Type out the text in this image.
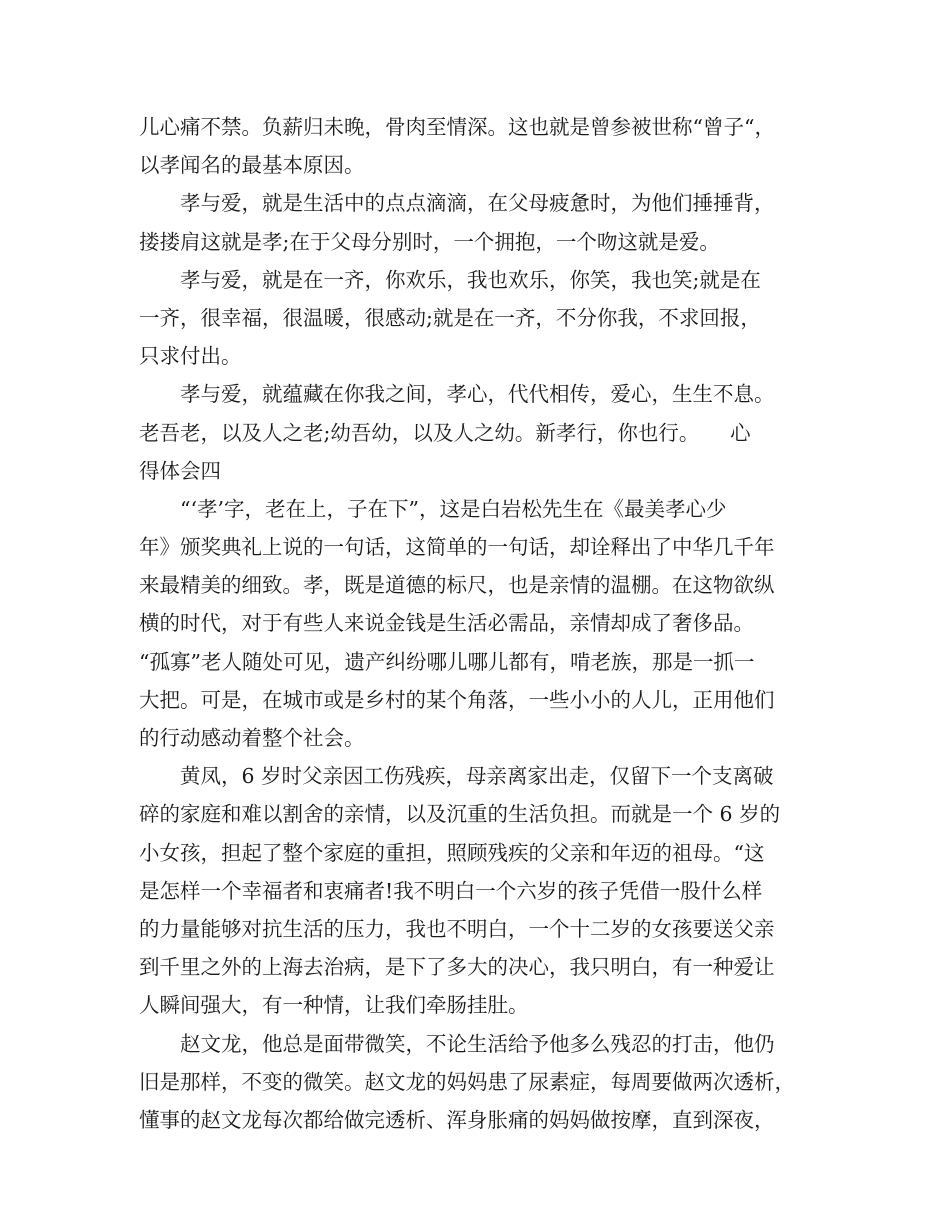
儿心痛不禁。负薪归未晚，骨肉至情深。这也就是曾参被世称“曾子“，
以孝闻名的最基本原因。
孝与爱，就是生活中的点点滴滴，在父母疲惫时，为他们捶捶背，
搂搂肩这就是孝;在于父母分别时，一个拥抱，一个吻这就是爱。
孝与爱，就是在一齐，你欢乐，我也欢乐，你笑，我也笑;就是在
一齐，很幸福，很温暖，很感动;就是在一齐，不分你我，不求回报，
只求付出。
孝与爱，就蕴藏在你我之间，孝心，代代相传，爱心，生生不息。
老吾老，以及人之老;幼吾幼，以及人之幼。新孝行，你也行。　　心
得体会四
“‘孝’字，老在上，子在下”，这是白岩松先生在《最美孝心少
年》颁奖典礼上说的一句话，这简单的一句话，却诠释出了中华几千年
来最精美的细致。孝，既是道德的标尺，也是亲情的温棚。在这物欲纵
横的时代，对于有些人来说金钱是生活必需品，亲情却成了奢侈品。
“孤寡”老人随处可见，遗产纠纷哪儿哪儿都有，啃老族，那是一抓一
大把。可是，在城市或是乡村的某个角落，一些小小的人儿，正用他们
的行动感动着整个社会。
黄凤，6 岁时父亲因工伤残疾，母亲离家出走，仅留下一个支离破
碎的家庭和难以割舍的亲情，以及沉重的生活负担。而就是一个 6 岁的
小女孩，担起了整个家庭的重担，照顾残疾的父亲和年迈的祖母。“这
是怎样一个幸福者和衷痛者!我不明白一个六岁的孩子凭借一股什么样
的力量能够对抗生活的压力，我也不明白，一个十二岁的女孩要送父亲
到千里之外的上海去治病，是下了多大的决心，我只明白，有一种爱让
人瞬间强大，有一种情，让我们牵肠挂肚。
赵文龙，他总是面带微笑，不论生活给予他多么残忍的打击，他仍
旧是那样，不变的微笑。赵文龙的妈妈患了尿素症，每周要做两次透析，
懂事的赵文龙每次都给做完透析、浑身胀痛的妈妈做按摩，直到深夜，
